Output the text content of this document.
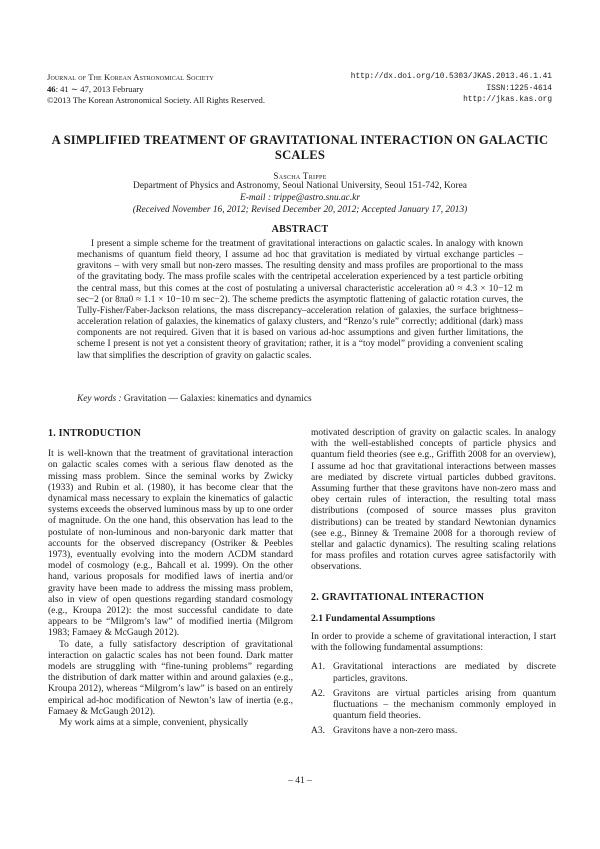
Journal of The Korean Astronomical Society
46: 41 ∼ 47, 2013 February
©2013 The Korean Astronomical Society. All Rights Reserved.
http://dx.doi.org/10.5303/JKAS.2013.46.1.41
ISSN:1225-4614
http://jkas.kas.org
A SIMPLIFIED TREATMENT OF GRAVITATIONAL INTERACTION ON GALACTIC SCALES
Sascha Trippe
Department of Physics and Astronomy, Seoul National University, Seoul 151-742, Korea
E-mail : trippe@astro.snu.ac.kr
(Received November 16, 2012; Revised December 20, 2012; Accepted January 17, 2013)
ABSTRACT
I present a simple scheme for the treatment of gravitational interactions on galactic scales. In analogy with known mechanisms of quantum field theory, I assume ad hoc that gravitation is mediated by virtual exchange particles – gravitons – with very small but non-zero masses. The resulting density and mass profiles are proportional to the mass of the gravitating body. The mass profile scales with the centripetal acceleration experienced by a test particle orbiting the central mass, but this comes at the cost of postulating a universal characteristic acceleration a0 ≈ 4.3 × 10−12 m sec−2 (or 8πa0 ≈ 1.1 × 10−10 m sec−2). The scheme predicts the asymptotic flattening of galactic rotation curves, the Tully-Fisher/Faber-Jackson relations, the mass discrepancy–acceleration relation of galaxies, the surface brightness–acceleration relation of galaxies, the kinematics of galaxy clusters, and “Renzo’s rule” correctly; additional (dark) mass components are not required. Given that it is based on various ad-hoc assumptions and given further limitations, the scheme I present is not yet a consistent theory of gravitation; rather, it is a “toy model” providing a convenient scaling law that simplifies the description of gravity on galactic scales.
Key words : Gravitation — Galaxies: kinematics and dynamics
1. INTRODUCTION

It is well-known that the treatment of gravitational interaction on galactic scales comes with a serious flaw denoted as the missing mass problem. Since the seminal works by Zwicky (1933) and Rubin et al. (1980), it has become clear that the dynamical mass necessary to explain the kinematics of galactic systems exceeds the observed luminous mass by up to one order of magnitude. On the one hand, this observation has lead to the postulate of non-luminous and non-baryonic dark matter that accounts for the observed discrepancy (Ostriker & Peebles 1973), eventually evolving into the modern ΛCDM standard model of cosmology (e.g., Bahcall et al. 1999). On the other hand, various proposals for modified laws of inertia and/or gravity have been made to address the missing mass problem, also in view of open questions regarding standard cosmology (e.g., Kroupa 2012): the most successful candidate to date appears to be “Milgrom’s law” of modified inertia (Milgrom 1983; Famaey & McGaugh 2012).

To date, a fully satisfactory description of gravitational interaction on galactic scales has not been found. Dark matter models are struggling with “fine-tuning problems” regarding the distribution of dark matter within and around galaxies (e.g., Kroupa 2012), whereas “Milgrom’s law” is based on an entirely empirical ad-hoc modification of Newton’s law of inertia (e.g., Famaey & McGaugh 2012).

My work aims at a simple, convenient, physically

motivated description of gravity on galactic scales. In analogy with the well-established concepts of particle physics and quantum field theories (see e.g., Griffith 2008 for an overview), I assume ad hoc that gravitational interactions between masses are mediated by discrete virtual particles dubbed gravitons. Assuming further that these gravitons have non-zero mass and obey certain rules of interaction, the resulting total mass distributions (composed of source masses plus graviton distributions) can be treated by standard Newtonian dynamics (see e.g., Binney & Tremaine 2008 for a thorough review of stellar and galactic dynamics). The resulting scaling relations for mass profiles and rotation curves agree satisfactorily with observations.

2. GRAVITATIONAL INTERACTION
2.1 Fundamental Assumptions

In order to provide a scheme of gravitational interaction, I start with the following fundamental assumptions:

A1. Gravitational interactions are mediated by discrete particles, gravitons.
A2. Gravitons are virtual particles arising from quantum fluctuations – the mechanism commonly employed in quantum field theories.
A3. Gravitons have a non-zero mass.
– 41 –
